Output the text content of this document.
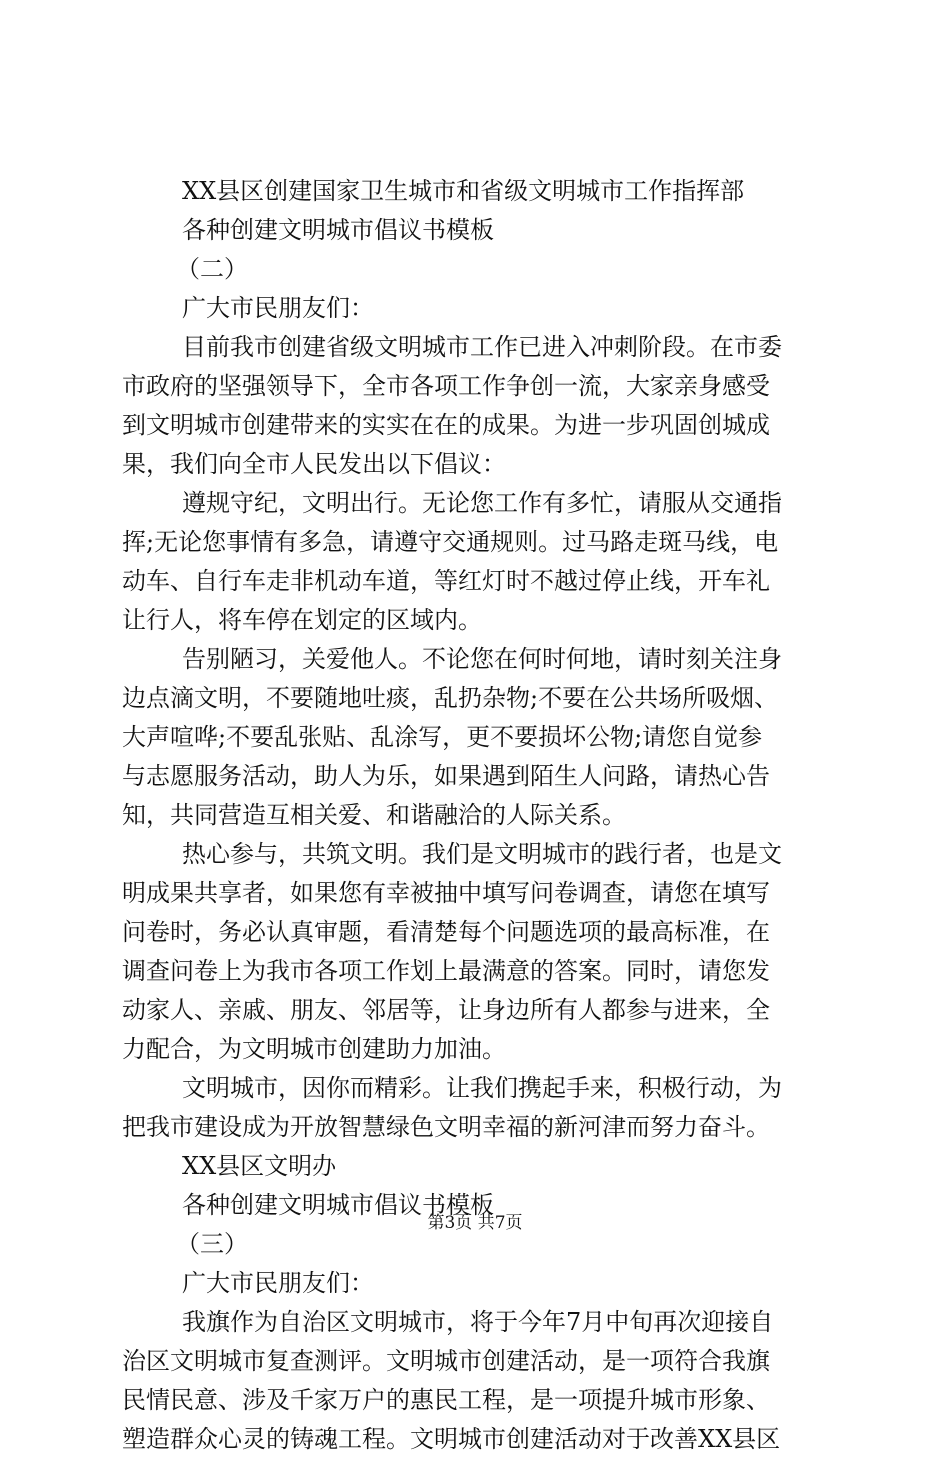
XX县区创建国家卫生城市和省级文明城市工作指挥部
各种创建文明城市倡议书模板
（二）
广大市民朋友们：
目前我市创建省级文明城市工作已进入冲刺阶段。在市委
市政府的坚强领导下，全市各项工作争创一流，大家亲身感受
到文明城市创建带来的实实在在的成果。为进一步巩固创城成
果，我们向全市人民发出以下倡议：
遵规守纪，文明出行。无论您工作有多忙，请服从交通指
挥;无论您事情有多急，请遵守交通规则。过马路走斑马线，电
动车、自行车走非机动车道，等红灯时不越过停止线，开车礼
让行人，将车停在划定的区域内。
告别陋习，关爱他人。不论您在何时何地，请时刻关注身
边点滴文明，不要随地吐痰，乱扔杂物;不要在公共场所吸烟、
大声喧哗;不要乱张贴、乱涂写，更不要损坏公物;请您自觉参
与志愿服务活动，助人为乐，如果遇到陌生人问路，请热心告
知，共同营造互相关爱、和谐融洽的人际关系。
热心参与，共筑文明。我们是文明城市的践行者，也是文
明成果共享者，如果您有幸被抽中填写问卷调查，请您在填写
问卷时，务必认真审题，看清楚每个问题选项的最高标准，在
调查问卷上为我市各项工作划上最满意的答案。同时，请您发
动家人、亲戚、朋友、邻居等，让身边所有人都参与进来，全
力配合，为文明城市创建助力加油。
文明城市，因你而精彩。让我们携起手来，积极行动，为
把我市建设成为开放智慧绿色文明幸福的新河津而努力奋斗。
XX县区文明办
各种创建文明城市倡议书模板
（三）
广大市民朋友们：
我旗作为自治区文明城市，将于今年7月中旬再次迎接自
治区文明城市复查测评。文明城市创建活动，是一项符合我旗
民情民意、涉及千家万户的惠民工程，是一项提升城市形象、
塑造群众心灵的铸魂工程。文明城市创建活动对于改善XX县区
第3页 共7页
